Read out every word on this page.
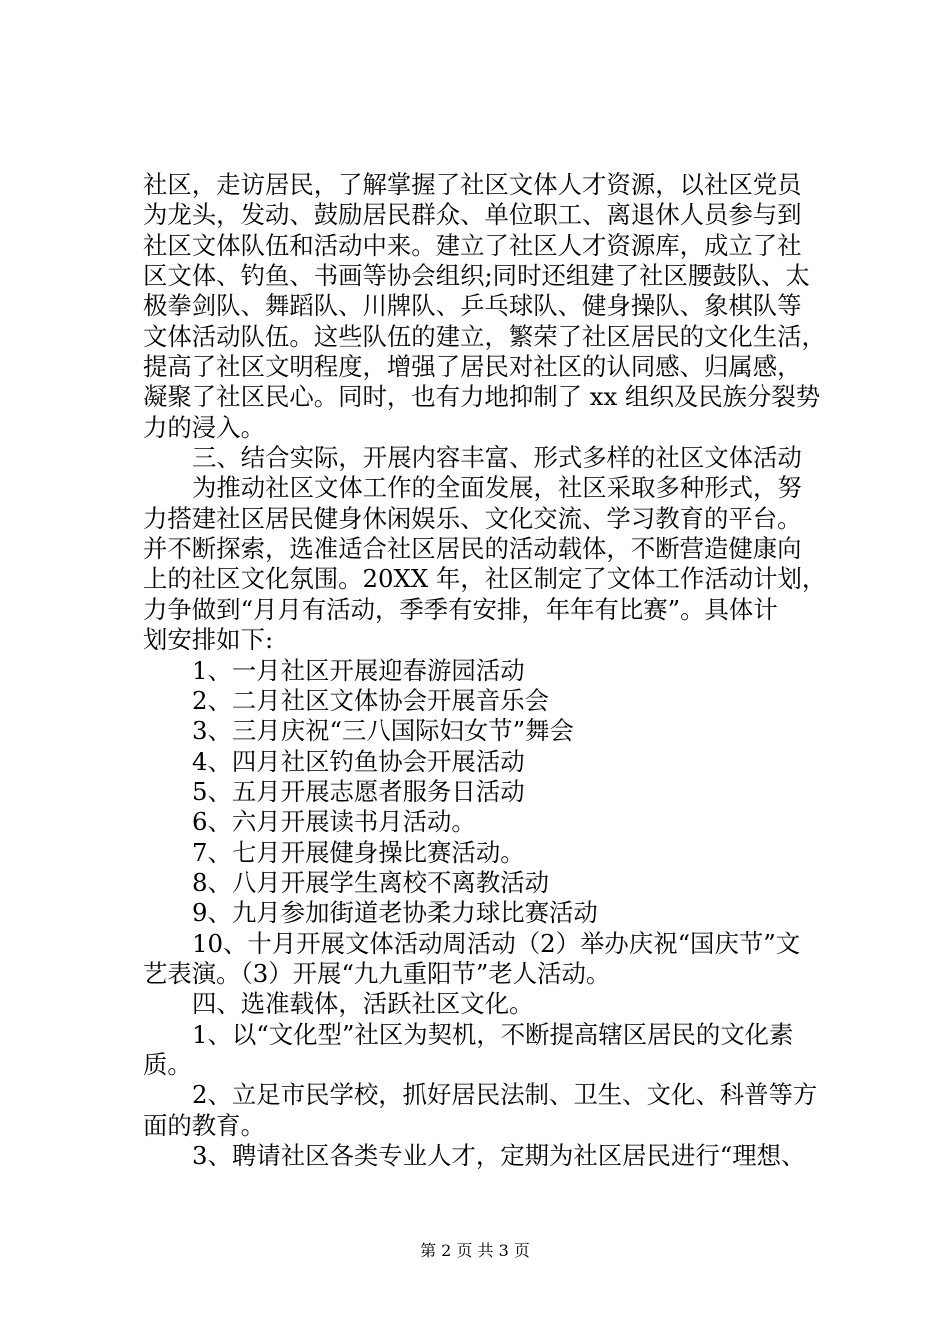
社区，走访居民，了解掌握了社区文体人才资源，以社区党员
为龙头，发动、鼓励居民群众、单位职工、离退休人员参与到
社区文体队伍和活动中来。建立了社区人才资源库，成立了社
区文体、钓鱼、书画等协会组织;同时还组建了社区腰鼓队、太
极拳剑队、舞蹈队、川牌队、乒乓球队、健身操队、象棋队等
文体活动队伍。这些队伍的建立，繁荣了社区居民的文化生活，
提高了社区文明程度，增强了居民对社区的认同感、归属感，
凝聚了社区民心。同时，也有力地抑制了 xx 组织及民族分裂势
力的浸入。
三、结合实际，开展内容丰富、形式多样的社区文体活动
为推动社区文体工作的全面发展，社区采取多种形式，努
力搭建社区居民健身休闲娱乐、文化交流、学习教育的平台。
并不断探索，选准适合社区居民的活动载体，不断营造健康向
上的社区文化氛围。20XX 年，社区制定了文体工作活动计划，
力争做到“月月有活动，季季有安排，年年有比赛”。具体计
划安排如下:
1、一月社区开展迎春游园活动
2、二月社区文体协会开展音乐会
3、三月庆祝“三八国际妇女节”舞会
4、四月社区钓鱼协会开展活动
5、五月开展志愿者服务日活动
6、六月开展读书月活动。
7、七月开展健身操比赛活动。
8、八月开展学生离校不离教活动
9、九月参加街道老协柔力球比赛活动
10、十月开展文体活动周活动（2）举办庆祝“国庆节”文
艺表演。（3）开展“九九重阳节”老人活动。
四、选准载体，活跃社区文化。
1、以“文化型”社区为契机，不断提高辖区居民的文化素
质。
2、立足市民学校，抓好居民法制、卫生、文化、科普等方
面的教育。
3、聘请社区各类专业人才，定期为社区居民进行“理想、
第 2 页 共 3 页
